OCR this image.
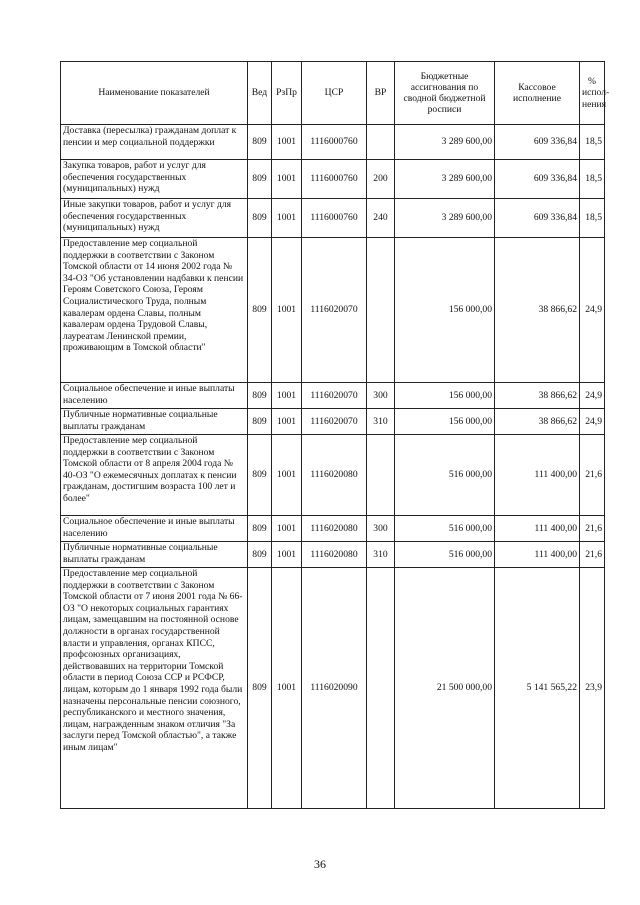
Наименование показателей	Вед	РзПр	ЦСР	ВР	Бюджетные ассигнования по сводной бюджетной росписи	Кассовое исполнение	% испол- нения
Доставка (пересылка) гражданам доплат к пенсии и мер социальной поддержки	809	1001	1116000760		3 289 600,00	609 336,84	18,5
Закупка товаров, работ и услуг для обеспечения государственных (муниципальных) нужд	809	1001	1116000760	200	3 289 600,00	609 336,84	18,5
Иные закупки товаров, работ и услуг для обеспечения государственных (муниципальных) нужд	809	1001	1116000760	240	3 289 600,00	609 336,84	18,5
Предоставление мер социальной поддержки в соответствии с Законом Томской области от 14 июня 2002 года № 34-ОЗ "Об установлении надбавки к пенсии Героям Советского Союза, Героям Социалистического Труда, полным кавалерам ордена Славы, полным кавалерам ордена Трудовой Славы, лауреатам Ленинской премии, проживающим в Томской области"	809	1001	1116020070		156 000,00	38 866,62	24,9
Социальное обеспечение и иные выплаты населению	809	1001	1116020070	300	156 000,00	38 866,62	24,9
Публичные нормативные социальные выплаты гражданам	809	1001	1116020070	310	156 000,00	38 866,62	24,9
Предоставление мер социальной поддержки в соответствии с Законом Томской области от 8 апреля 2004 года № 40-ОЗ "О ежемесячных доплатах к пенсии гражданам, достигшим возраста 100 лет и более"	809	1001	1116020080		516 000,00	111 400,00	21,6
Социальное обеспечение и иные выплаты населению	809	1001	1116020080	300	516 000,00	111 400,00	21,6
Публичные нормативные социальные выплаты гражданам	809	1001	1116020080	310	516 000,00	111 400,00	21,6
Предоставление мер социальной поддержки в соответствии с Законом Томской области от 7 июня 2001 года № 66-ОЗ "О некоторых социальных гарантиях лицам, замещавшим на постоянной основе должности в органах государственной власти и управления, органах КПСС, профсоюзных организациях, действовавших на территории Томской области в период Союза ССР и РСФСР, лицам, которым до 1 января 1992 года были назначены персональные пенсии союзного, республиканского и местного значения, лицам, награжденным знаком отличия "За заслуги перед Томской областью", а также иным лицам"	809	1001	1116020090		21 500 000,00	5 141 565,22	23,9
36
